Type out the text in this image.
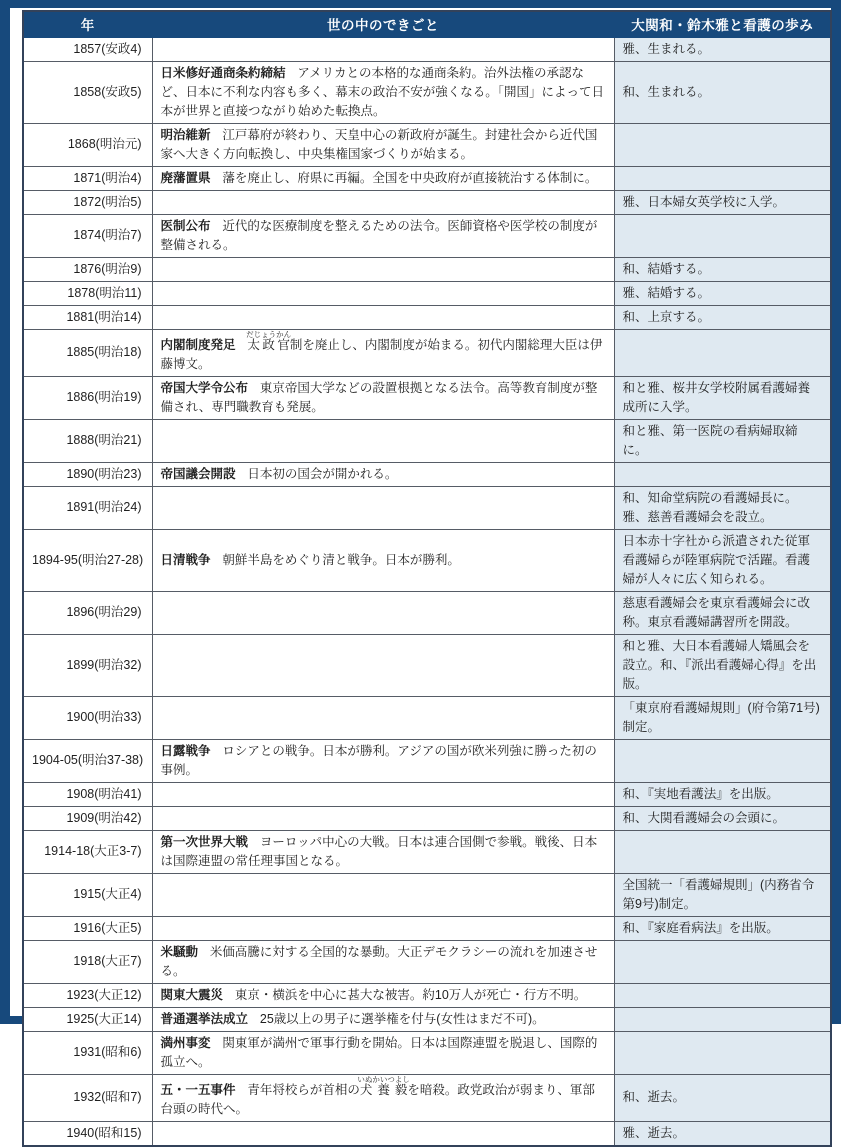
年	世の中のできごと	大関和・鈴木雅と看護の歩み
1857(安政4)		雅、生まれる。
1858(安政5)	日米修好通商条約締結 アメリカとの本格的な通商条約。治外法権の承認など、日本に不利な内容も多く、幕末の政治不安が強くなる。「開国」によって日本が世界と直接つながり始めた転換点。	和、生まれる。
1868(明治元)	明治維新 江戸幕府が終わり、天皇中心の新政府が誕生。封建社会から近代国家へ大きく方向転換し、中央集権国家づくりが始まる。	
1871(明治4)	廃藩置県 藩を廃止し、府県に再編。全国を中央政府が直接統治する体制に。	
1872(明治5)		雅、日本婦女英学校に入学。
1874(明治7)	医制公布 近代的な医療制度を整えるための法令。医師資格や医学校の制度が整備される。	
1876(明治9)		和、結婚する。
1878(明治11)		雅、結婚する。
1881(明治14)		和、上京する。
1885(明治18)	内閣制度発足 太政官だじょうかん制を廃止し、内閣制度が始まる。初代内閣総理大臣は伊藤博文。	
1886(明治19)	帝国大学令公布 東京帝国大学などの設置根拠となる法令。高等教育制度が整備され、専門職教育も発展。	和と雅、桜井女学校附属看護婦養成所に入学。
1888(明治21)		和と雅、第一医院の看病婦取締に。
1890(明治23)	帝国議会開設 日本初の国会が開かれる。	
1891(明治24)		和、知命堂病院の看護婦長に。雅、慈善看護婦会を設立。
1894-95(明治27-28)	日清戦争 朝鮮半島をめぐり清と戦争。日本が勝利。	日本赤十字社から派遣された従軍看護婦らが陸軍病院で活躍。看護婦が人々に広く知られる。
1896(明治29)		慈恵看護婦会を東京看護婦会に改称。東京看護婦講習所を開設。
1899(明治32)		和と雅、大日本看護婦人矯風会を設立。和、『派出看護婦心得』を出版。
1900(明治33)		「東京府看護婦規則」(府令第71号)制定。
1904-05(明治37-38)	日露戦争 ロシアとの戦争。日本が勝利。アジアの国が欧米列強に勝った初の事例。	
1908(明治41)		和、『実地看護法』を出版。
1909(明治42)		和、大関看護婦会の会頭に。
1914-18(大正3-7)	第一次世界大戦 ヨーロッパ中心の大戦。日本は連合国側で参戦。戦後、日本は国際連盟の常任理事国となる。	
1915(大正4)		全国統一「看護婦規則」(内務省令第9号)制定。
1916(大正5)		和、『家庭看病法』を出版。
1918(大正7)	米騒動 米価高騰に対する全国的な暴動。大正デモクラシーの流れを加速させる。	
1923(大正12)	関東大震災 東京・横浜を中心に甚大な被害。約10万人が死亡・行方不明。	
1925(大正14)	普通選挙法成立 25歳以上の男子に選挙権を付与(女性はまだ不可)。	
1931(昭和6)	満州事変 関東軍が満州で軍事行動を開始。日本は国際連盟を脱退し、国際的孤立へ。	
1932(昭和7)	五・一五事件 青年将校らが首相の犬養毅いぬかいつよしを暗殺。政党政治が弱まり、軍部台頭の時代へ。	和、逝去。
1940(昭和15)		雅、逝去。
